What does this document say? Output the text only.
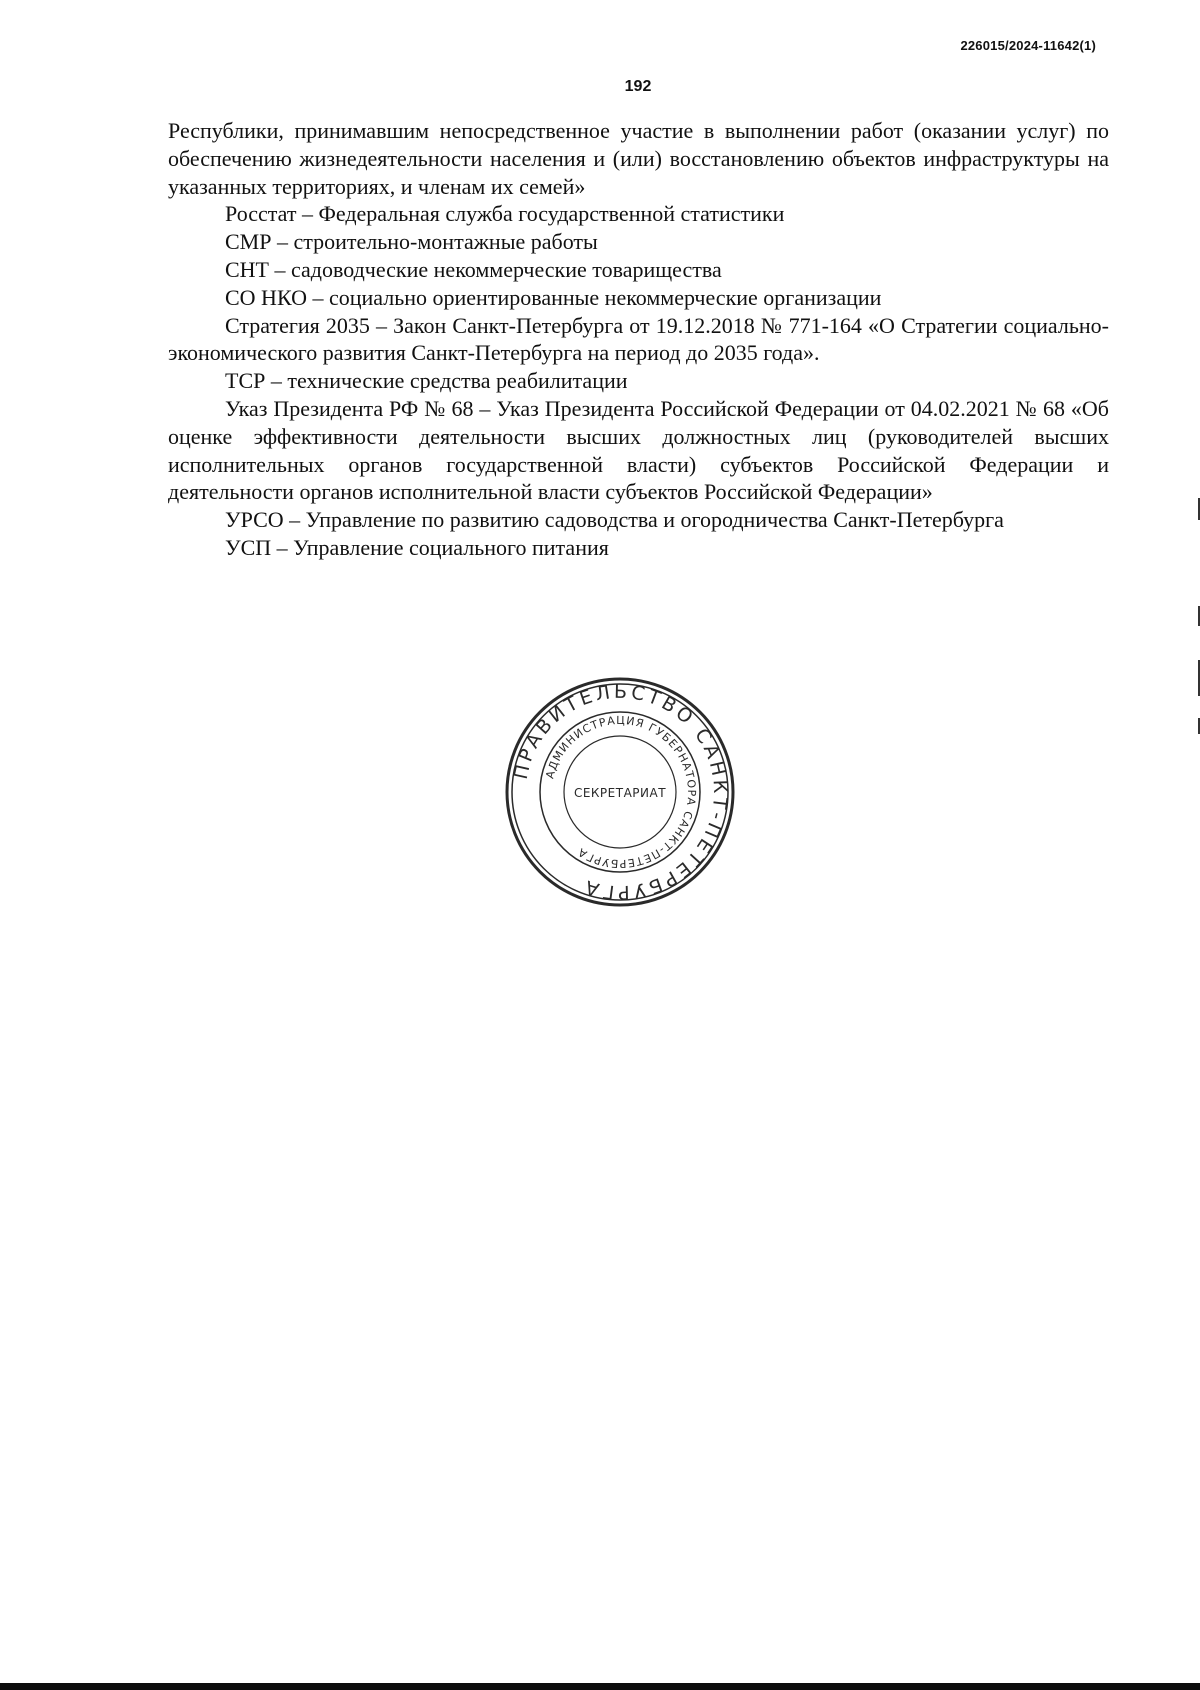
226015/2024-11642(1)
192

Республики, принимавшим непосредственное участие в выполнении работ (оказании услуг) по обеспечению жизнедеятельности населения и (или) восстановлению объектов инфраструктуры на указанных территориях, и членам их семей»

Росстат – Федеральная служба государственной статистики

СМР – строительно-монтажные работы

СНТ – садоводческие некоммерческие товарищества

СО НКО – социально ориентированные некоммерческие организации

Стратегия 2035 – Закон Санкт-Петербурга от 19.12.2018 № 771-164 «О Стратегии социально-экономического развития Санкт-Петербурга на период до 2035 года».

ТСР – технические средства реабилитации

Указ Президента РФ № 68 – Указ Президента Российской Федерации от 04.02.2021 № 68 «Об оценке эффективности деятельности высших должностных лиц (руководителей высших исполнительных органов государственной власти) субъектов Российской Федерации и деятельности органов исполнительной власти субъектов Российской Федерации»

УРСО – Управление по развитию садоводства и огородничества Санкт-Петербурга

УСП – Управление социального питания

ПРАВИТЕЛЬСТВО САНКТ-ПЕТЕРБУРГА
АДМИНИСТРАЦИЯ ГУБЕРНАТОРА САНКТ-ПЕТЕРБУРГА
СЕКРЕТАРИАТ
